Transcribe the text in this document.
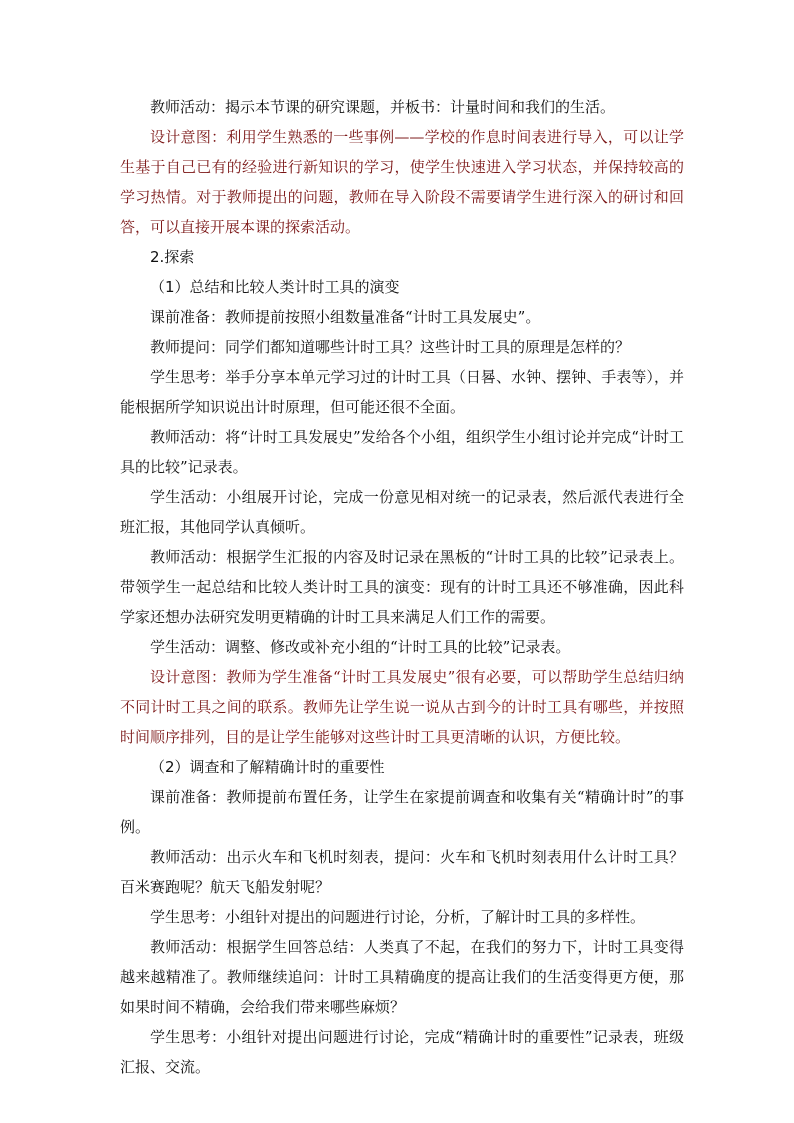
教师活动：揭示本节课的研究课题，并板书：计量时间和我们的生活。

设计意图：利用学生熟悉的一些事例——学校的作息时间表进行导入，可以让学生基于自己已有的经验进行新知识的学习，使学生快速进入学习状态，并保持较高的学习热情。对于教师提出的问题，教师在导入阶段不需要请学生进行深入的研讨和回答，可以直接开展本课的探索活动。

2.探索

（1）总结和比较人类计时工具的演变

课前准备：教师提前按照小组数量准备“计时工具发展史”。

教师提问：同学们都知道哪些计时工具？这些计时工具的原理是怎样的？

学生思考：举手分享本单元学习过的计时工具（日晷、水钟、摆钟、手表等），并能根据所学知识说出计时原理，但可能还很不全面。

教师活动：将“计时工具发展史”发给各个小组，组织学生小组讨论并完成“计时工具的比较”记录表。

学生活动：小组展开讨论，完成一份意见相对统一的记录表，然后派代表进行全班汇报，其他同学认真倾听。

教师活动：根据学生汇报的内容及时记录在黑板的“计时工具的比较”记录表上。带领学生一起总结和比较人类计时工具的演变：现有的计时工具还不够准确，因此科学家还想办法研究发明更精确的计时工具来满足人们工作的需要。

学生活动：调整、修改或补充小组的“计时工具的比较”记录表。

设计意图：教师为学生准备“计时工具发展史”很有必要，可以帮助学生总结归纳不同计时工具之间的联系。教师先让学生说一说从古到今的计时工具有哪些，并按照时间顺序排列，目的是让学生能够对这些计时工具更清晰的认识，方便比较。

（2）调查和了解精确计时的重要性

课前准备：教师提前布置任务，让学生在家提前调查和收集有关“精确计时”的事例。

教师活动：出示火车和飞机时刻表，提问：火车和飞机时刻表用什么计时工具？百米赛跑呢？航天飞船发射呢？

学生思考：小组针对提出的问题进行讨论，分析，了解计时工具的多样性。

教师活动：根据学生回答总结：人类真了不起，在我们的努力下，计时工具变得越来越精准了。教师继续追问：计时工具精确度的提高让我们的生活变得更方便，那如果时间不精确，会给我们带来哪些麻烦？

学生思考：小组针对提出问题进行讨论，完成“精确计时的重要性”记录表，班级汇报、交流。
